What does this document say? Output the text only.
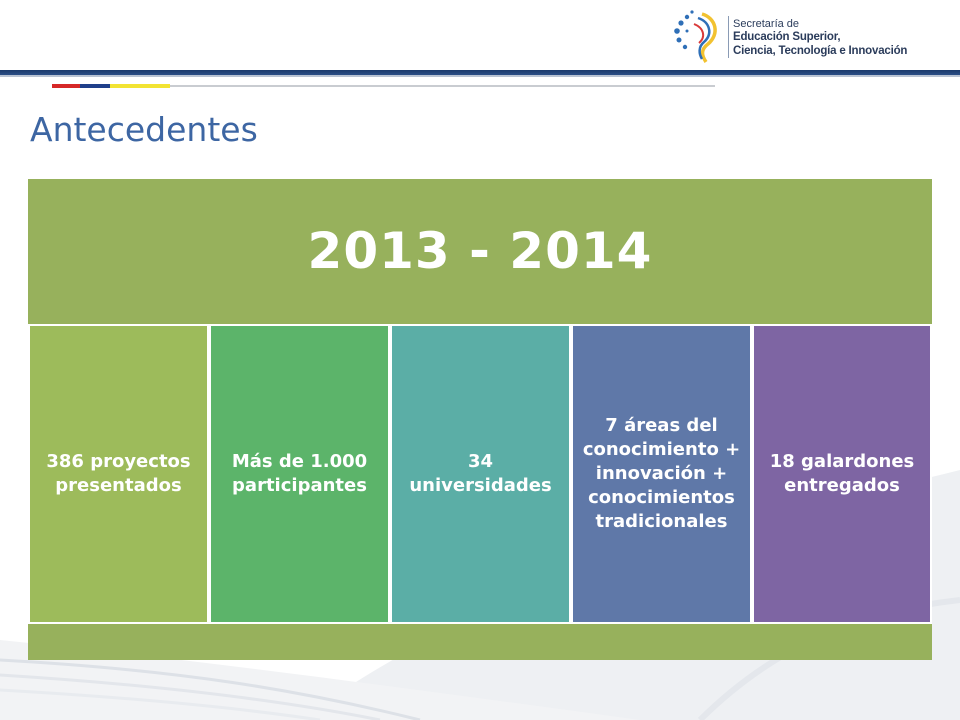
Secretaría de
Educación Superior,
Ciencia, Tecnología e Innovación
Antecedentes
2013 - 2014
386 proyectos presentados
Más de 1.000 participantes
34 universidades
7 áreas del conocimiento + innovación + conocimientos tradicionales
18 galardones entregados
